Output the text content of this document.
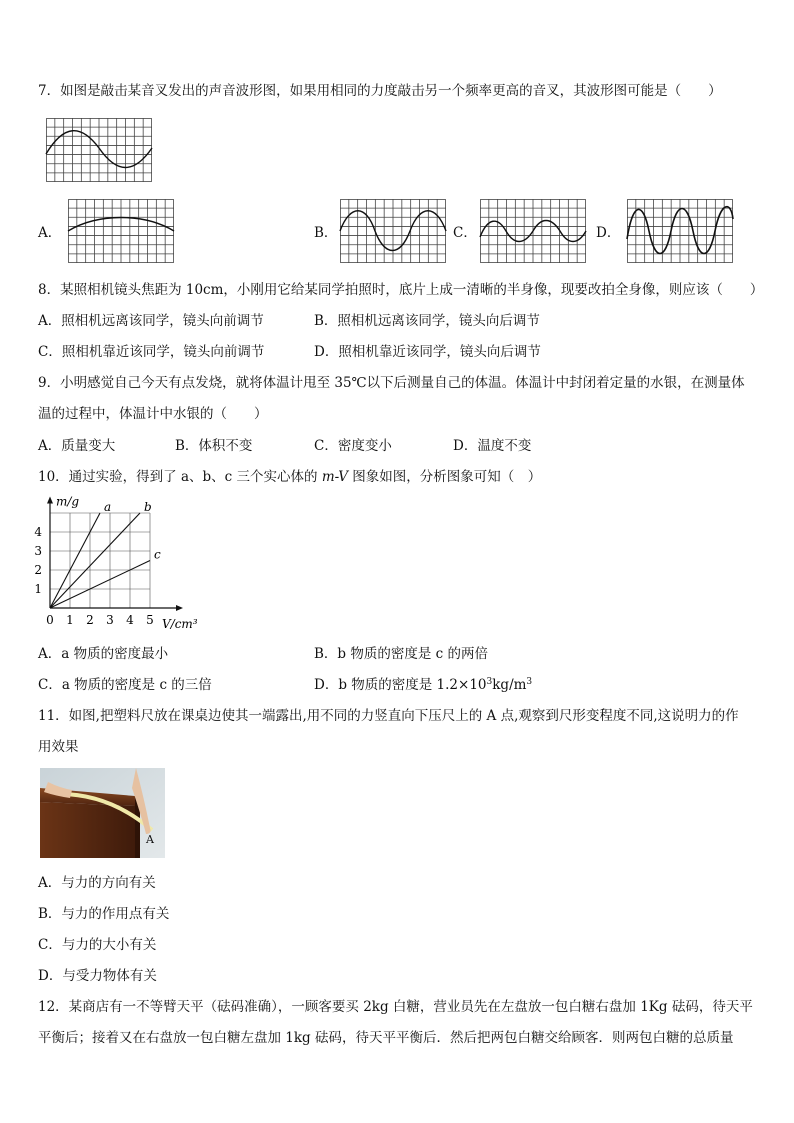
7．如图是敲击某音叉发出的声音波形图，如果用相同的力度敲击另一个频率更高的音叉，其波形图可能是（　　）
A．	B．	C．	D．
8．某照相机镜头焦距为 10cm，小刚用它给某同学拍照时，底片上成一清晰的半身像，现要改拍全身像，则应该（　　）
A．照相机远离该同学，镜头向前调节	B．照相机远离该同学，镜头向后调节
C．照相机靠近该同学，镜头向前调节	D．照相机靠近该同学，镜头向后调节
9．小明感觉自己今天有点发烧，就将体温计甩至 35℃以下后测量自己的体温。体温计中封闭着定量的水银，在测量体
温的过程中，体温计中水银的（　　）
A．质量变大	B．体积不变	C．密度变小	D．温度不变
10．通过实验，得到了 a、b、c 三个实心体的 m-V 图象如图，分析图象可知（　）
0 1 2 3 4 5
1
2
3
4
m/g
V/cm³
a	b
c
A．a 物质的密度最小	B．b 物质的密度是 c 的两倍
C．a 物质的密度是 c 的三倍	D．b 物质的密度是 $1.2\times 10^3kg/m^3$
11．如图,把塑料尺放在课桌边使其一端露出,用不同的力竖直向下压尺上的 A 点,观察到尺形变程度不同,这说明力的作
用效果
A
A．与力的方向有关
B．与力的作用点有关
C．与力的大小有关
D．与受力物体有关
12．某商店有一不等臂天平（砝码准确），一顾客要买 2kg 白糖，营业员先在左盘放一包白糖右盘加 1Kg 砝码，待天平
平衡后；接着又在右盘放一包白糖左盘加 1kg 砝码，待天平平衡后．然后把两包白糖交给顾客．则两包白糖的总质量
